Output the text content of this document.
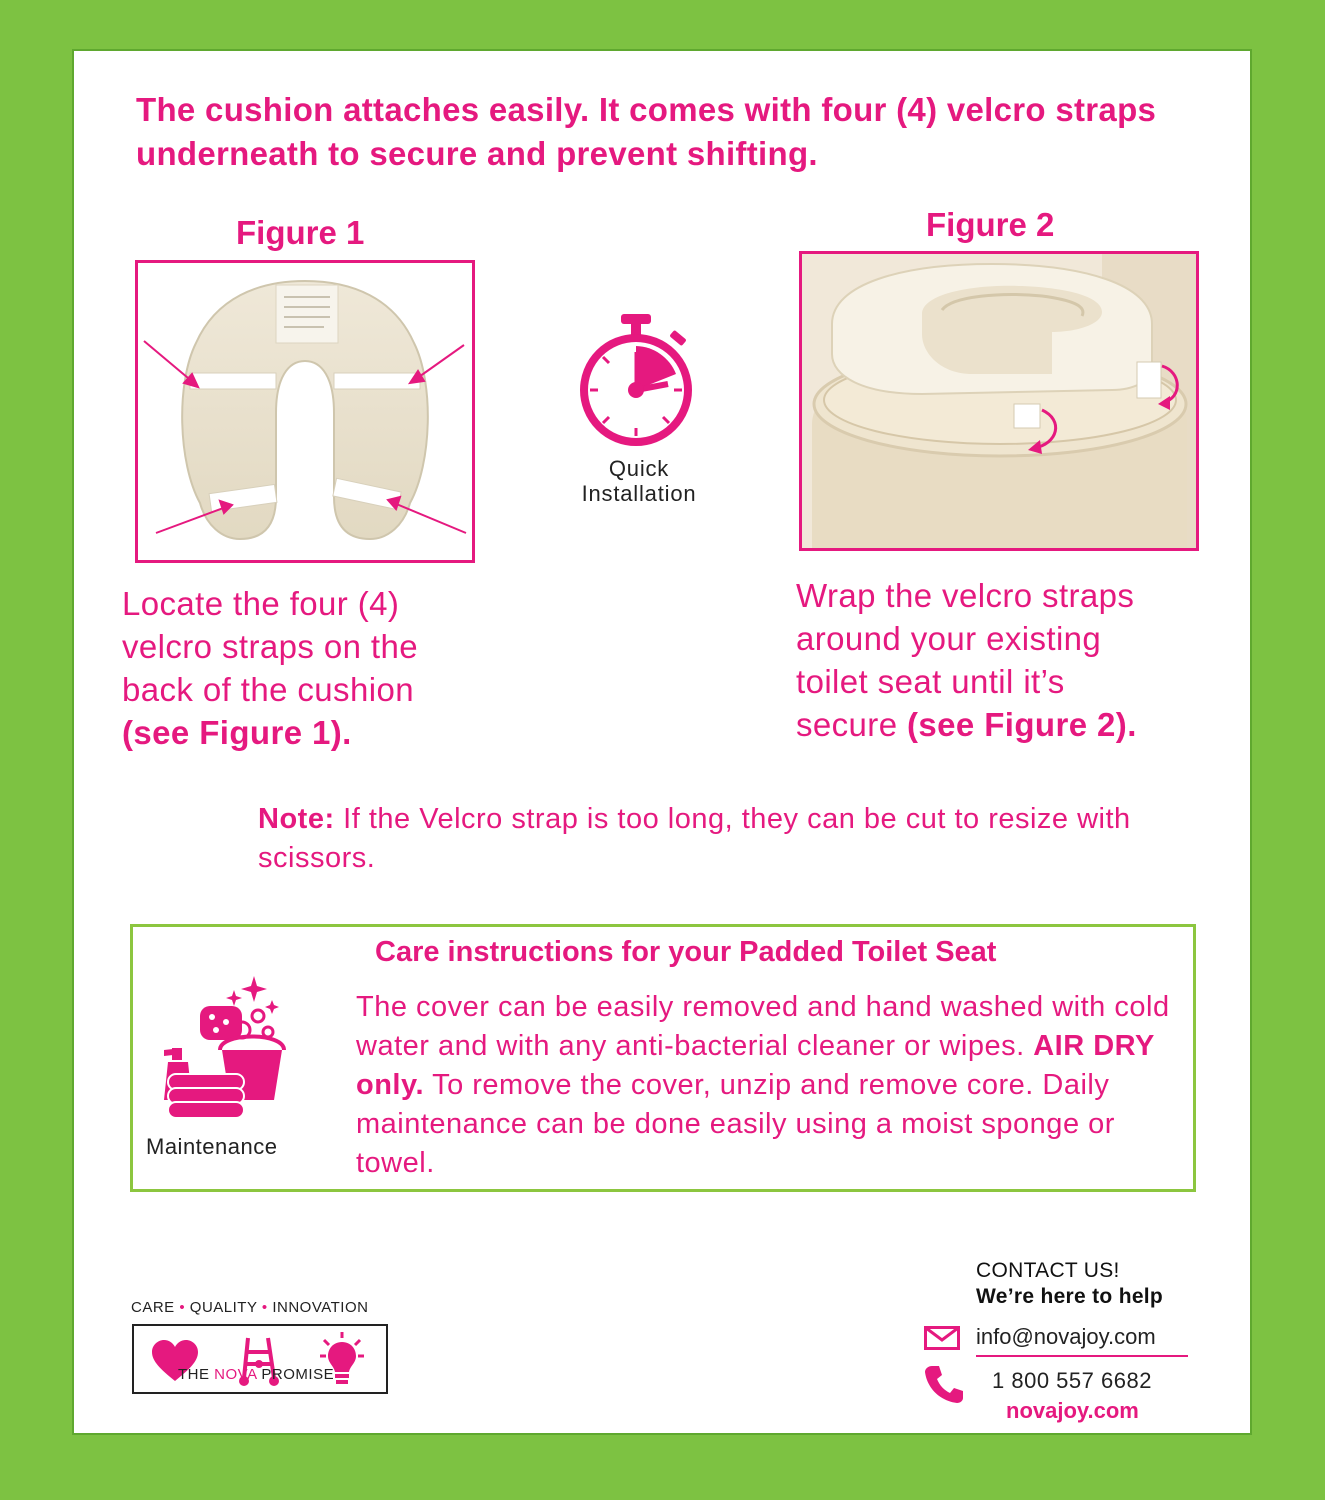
The cushion attaches easily. It comes with four (4) velcro straps underneath to secure and prevent shifting.
Figure 1
Locate the four (4)
velcro straps on the
back of the cushion
(see Figure 1).
Quick
Installation
Figure 2
Wrap the velcro straps
around your existing
toilet seat until it’s
secure (see Figure 2).
Note: If the Velcro strap is too long, they can be cut to resize with scissors.
Maintenance
Care instructions for your Padded Toilet Seat
The cover can be easily removed and hand washed with cold water and with any anti-bacterial cleaner or wipes. AIR DRY only. To remove the cover, unzip and remove core. Daily maintenance can be done easily using a moist sponge or towel.
CARE • QUALITY • INNOVATION
THE NOVA PROMISE
CONTACT US!
We’re here to help
info@novajoy.com
1 800 557 6682
novajoy.com
